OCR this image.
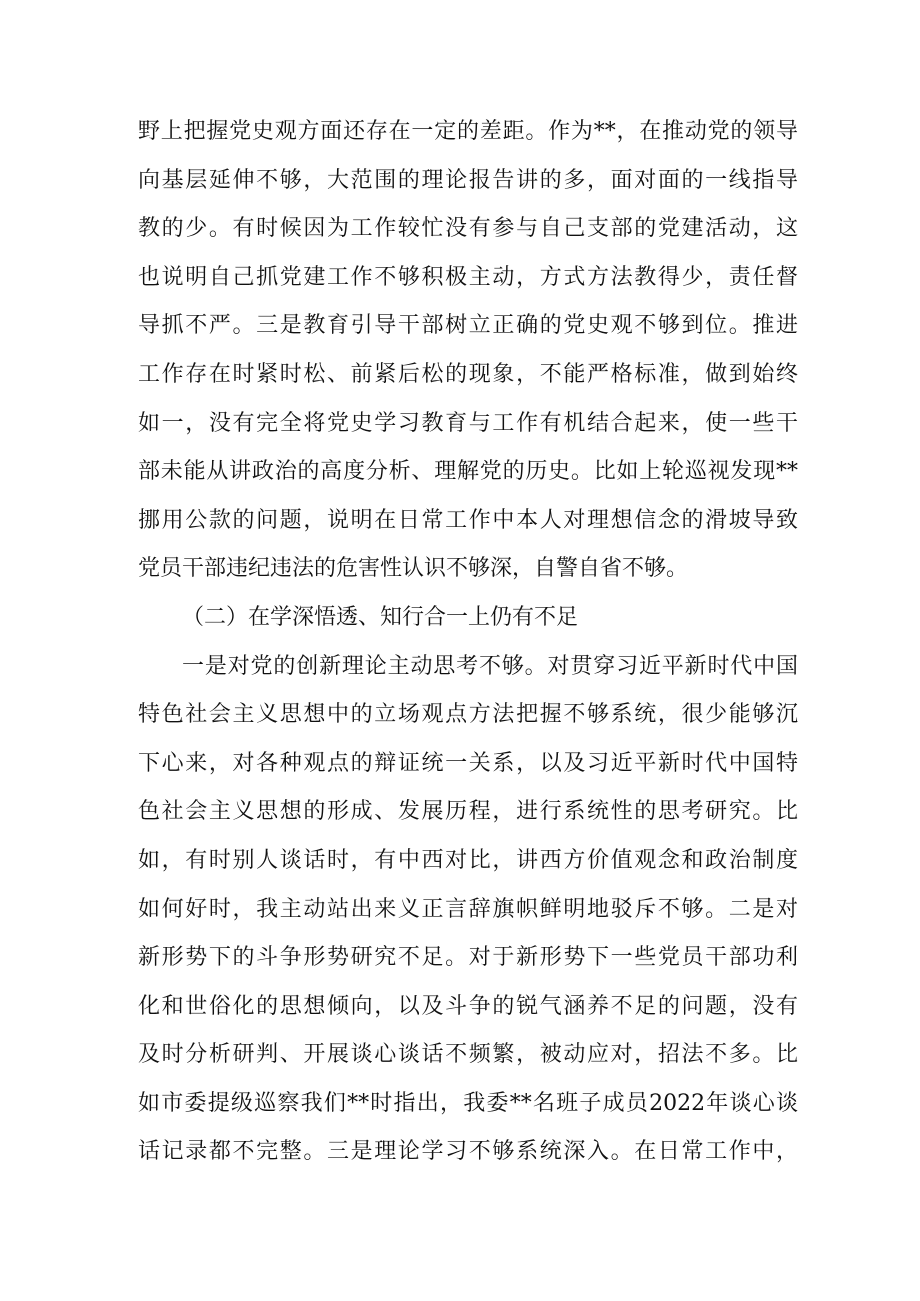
野上把握党史观方面还存在一定的差距。作为**，在推动党的领导
向基层延伸不够，大范围的理论报告讲的多，面对面的一线指导
教的少。有时候因为工作较忙没有参与自己支部的党建活动，这
也说明自己抓党建工作不够积极主动，方式方法教得少，责任督
导抓不严。三是教育引导干部树立正确的党史观不够到位。推进
工作存在时紧时松、前紧后松的现象，不能严格标准，做到始终
如一，没有完全将党史学习教育与工作有机结合起来，使一些干
部未能从讲政治的高度分析、理解党的历史。比如上轮巡视发现**
挪用公款的问题，说明在日常工作中本人对理想信念的滑坡导致
党员干部违纪违法的危害性认识不够深，自警自省不够。
（二）在学深悟透、知行合一上仍有不足
一是对党的创新理论主动思考不够。对贯穿习近平新时代中国
特色社会主义思想中的立场观点方法把握不够系统，很少能够沉
下心来，对各种观点的辩证统一关系，以及习近平新时代中国特
色社会主义思想的形成、发展历程，进行系统性的思考研究。比
如，有时别人谈话时，有中西对比，讲西方价值观念和政治制度
如何好时，我主动站出来义正言辞旗帜鲜明地驳斥不够。二是对
新形势下的斗争形势研究不足。对于新形势下一些党员干部功利
化和世俗化的思想倾向，以及斗争的锐气涵养不足的问题，没有
及时分析研判、开展谈心谈话不频繁，被动应对，招法不多。比
如市委提级巡察我们**时指出，我委**名班子成员2022年谈心谈
话记录都不完整。三是理论学习不够系统深入。在日常工作中，
